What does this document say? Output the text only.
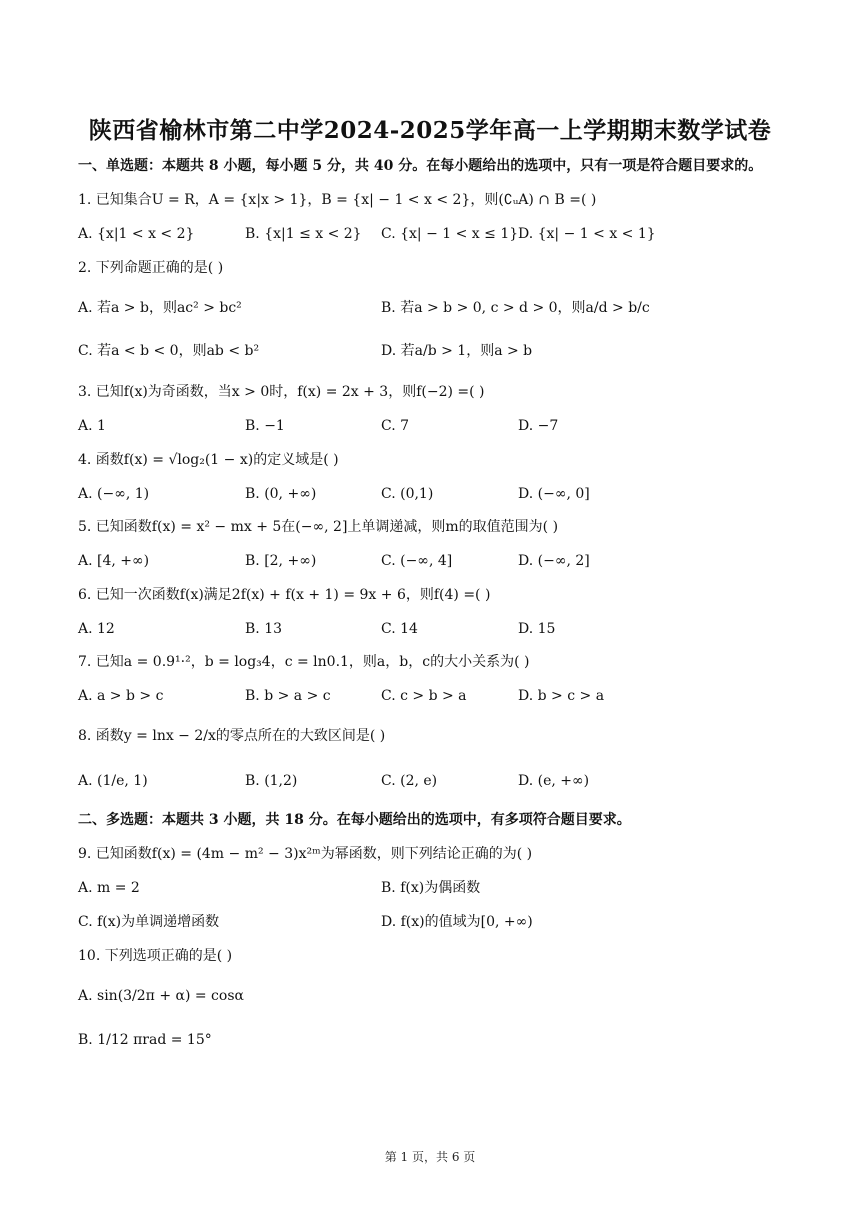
陕西省榆林市第二中学2024-2025学年高一上学期期末数学试卷
一、单选题：本题共 8 小题，每小题 5 分，共 40 分。在每小题给出的选项中，只有一项是符合题目要求的。
1. 已知集合U = R，A = {x|x > 1}，B = {x| − 1 < x < 2}，则(∁ᵤA) ∩ B =( )
A. {x|1 < x < 2}	B. {x|1 ≤ x < 2} C. {x| − 1 < x ≤ 1} D. {x| − 1 < x < 1}
2. 下列命题正确的是( )
A. 若a > b，则ac² > bc²	B. 若a > b > 0, c > d > 0，则a/d > b/c
C. 若a < b < 0，则ab < b²	D. 若a/b > 1，则a > b
3. 已知f(x)为奇函数，当x > 0时，f(x) = 2x + 3，则f(−2) =( )
A. 1	B. −1	C. 7	D. −7
4. 函数f(x) = √log₂(1 − x)的定义域是( )
A. (−∞, 1)	B. (0, +∞)	C. (0,1)	D. (−∞, 0]
5. 已知函数f(x) = x² − mx + 5在(−∞, 2]上单调递减，则m的取值范围为( )
A. [4, +∞)	B. [2, +∞)	C. (−∞, 4]	D. (−∞, 2]
6. 已知一次函数f(x)满足2f(x) + f(x + 1) = 9x + 6，则f(4) =( )
A. 12	B. 13	C. 14	D. 15
7. 已知a = 0.9¹·²，b = log₃4，c = ln0.1，则a，b，c的大小关系为( )
A. a > b > c	B. b > a > c	C. c > b > a	D. b > c > a
8. 函数y = lnx − 2/x的零点所在的大致区间是( )
A. (1/e, 1)	B. (1,2)	C. (2, e)	D. (e, +∞)
二、多选题：本题共 3 小题，共 18 分。在每小题给出的选项中，有多项符合题目要求。
9. 已知函数f(x) = (4m − m² − 3)x²ᵐ为幂函数，则下列结论正确的为( )
A. m = 2	B. f(x)为偶函数
C. f(x)为单调递增函数	D. f(x)的值域为[0, +∞)
10. 下列选项正确的是( )
A. sin(3/2π + α) = cosα
B. 1/12 πrad = 15°
第 1 页，共 6 页
